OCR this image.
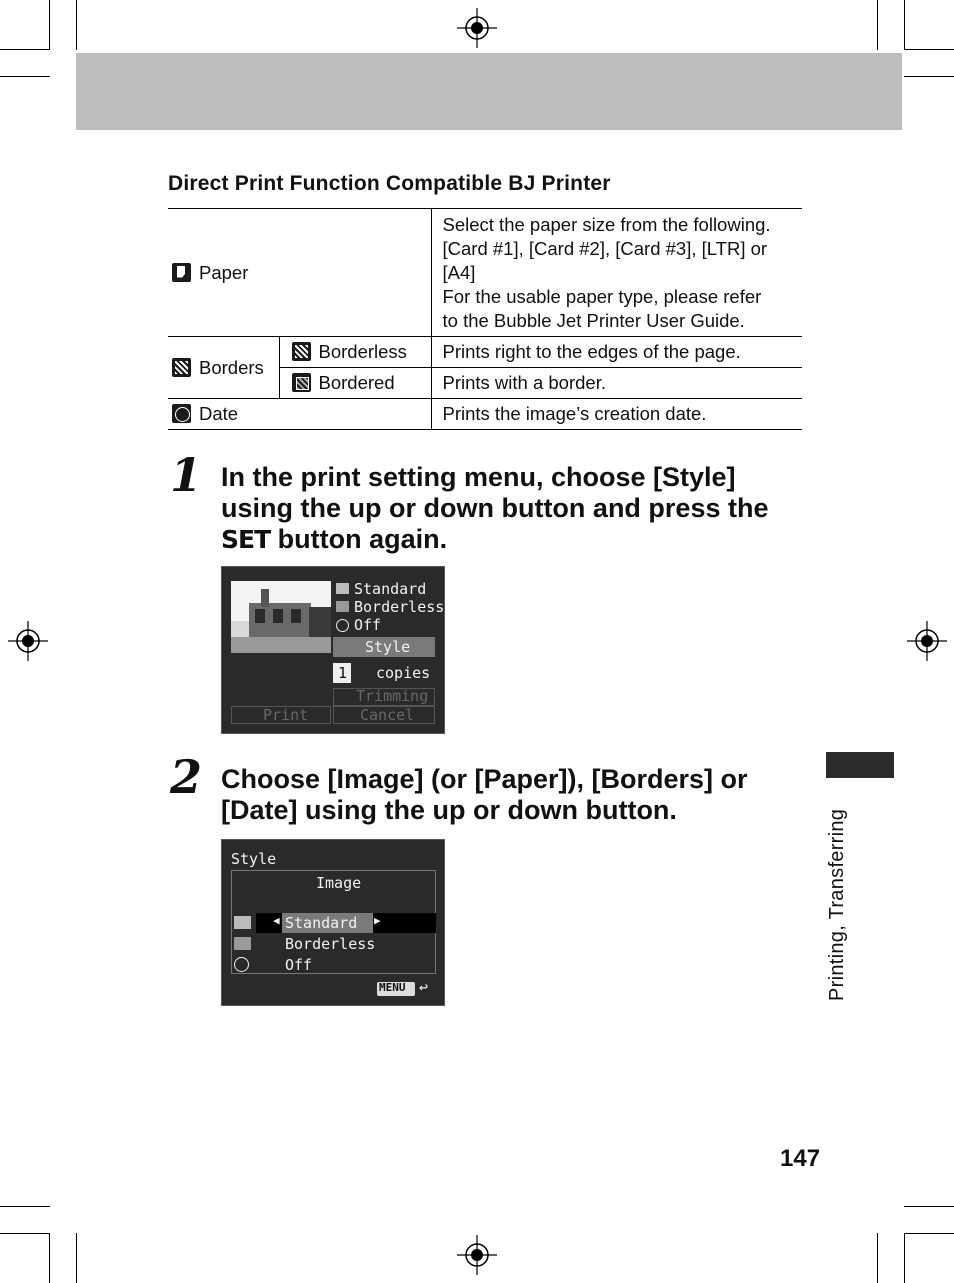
Direct Print Function Compatible BJ Printer
Paper		Select the paper size from the following.
[Card #1], [Card #2], [Card #3], [LTR] or
[A4]
For the usable paper type, please refer
to the Bubble Jet Printer User Guide.

Borders	Borderless	Prints right to the edges of the page.
	Bordered	Prints with a border.
Date		Prints the image’s creation date.
1 In the print setting menu, choose [Style]
using the up or down button and press the
SET button again.
Standard
Borderless
Off
Style
1 copies
Trimming
Print	Cancel
2 Choose [Image] (or [Paper]), [Borders] or
[Date] using the up or down button.
Style
Image
◀	▶
Standard
Borderless
Off
MENU ↩	Printing, Transferring
147
